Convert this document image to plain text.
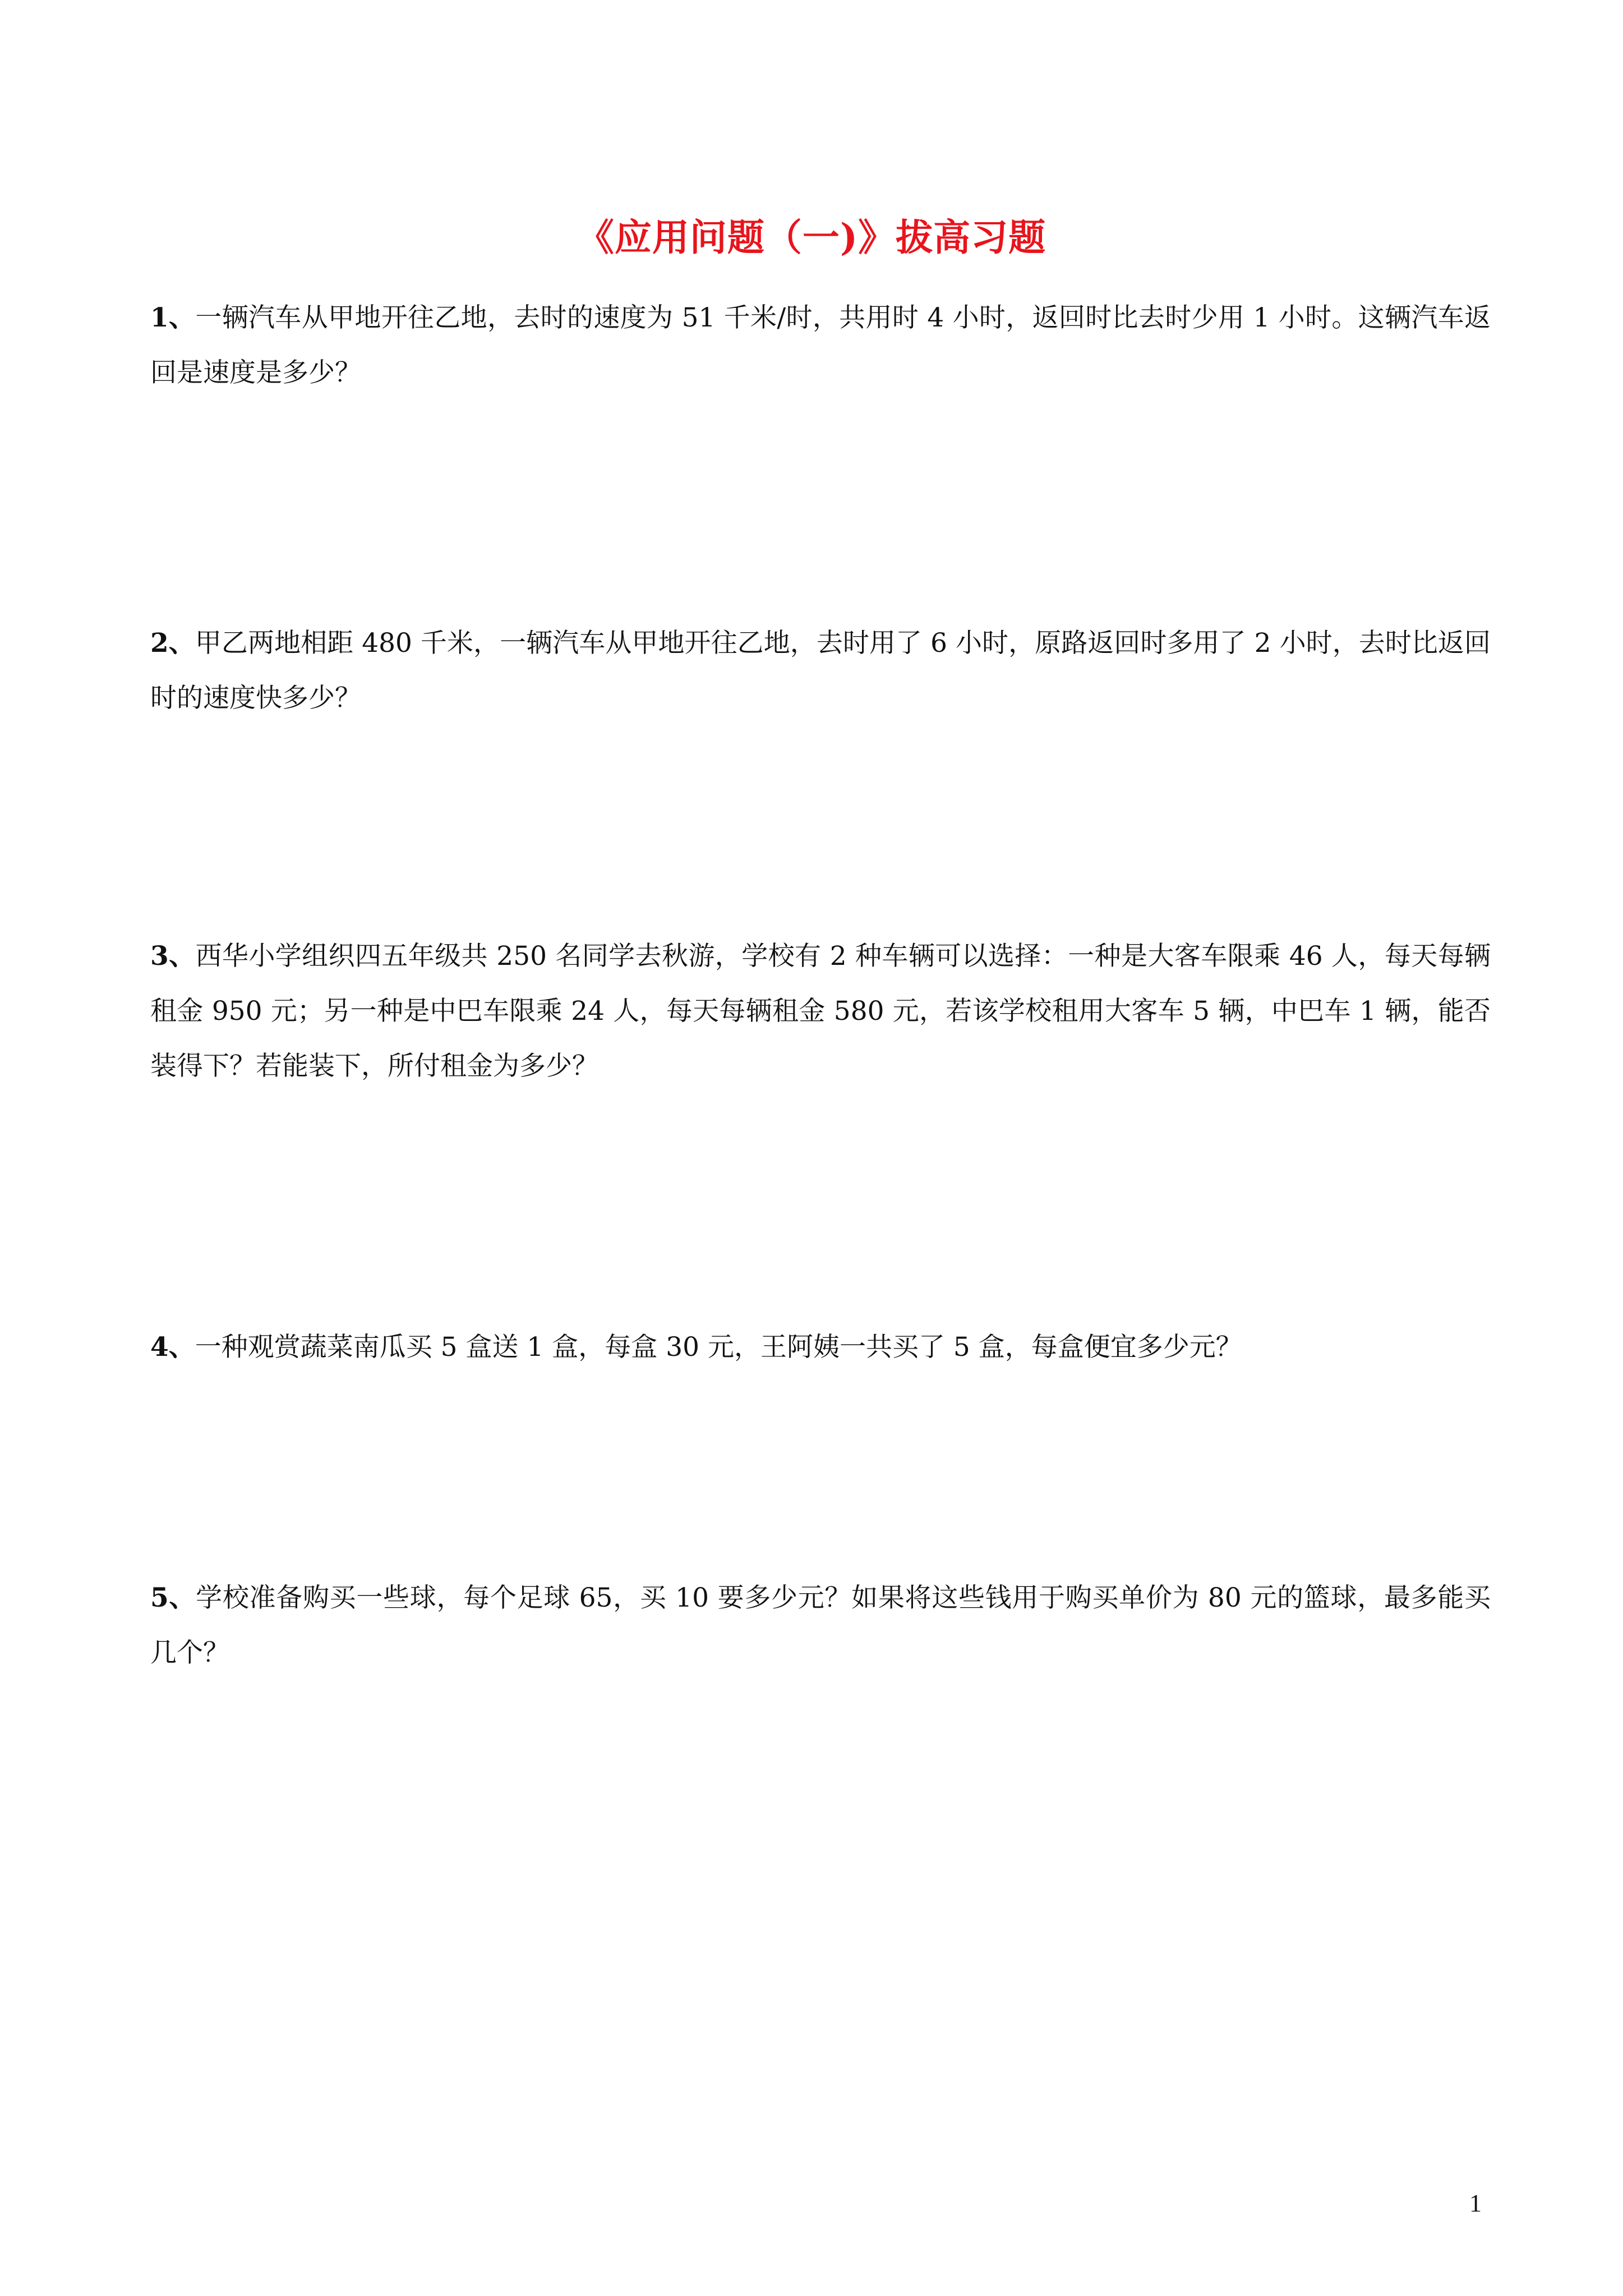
《应用问题（一)》拔高习题

1、一辆汽车从甲地开往乙地，去时的速度为 51 千米/时，共用时 4 小时，返回时比去时少用 1 小时。这辆汽车返回是速度是多少？

2、甲乙两地相距 480 千米，一辆汽车从甲地开往乙地，去时用了 6 小时，原路返回时多用了 2 小时，去时比返回时的速度快多少？

3、西华小学组织四五年级共 250 名同学去秋游，学校有 2 种车辆可以选择：一种是大客车限乘 46 人，每天每辆租金 950 元；另一种是中巴车限乘 24 人，每天每辆租金 580 元，若该学校租用大客车 5 辆，中巴车 1 辆，能否装得下？若能装下，所付租金为多少？

4、一种观赏蔬菜南瓜买 5 盒送 1 盒，每盒 30 元，王阿姨一共买了 5 盒，每盒便宜多少元？

5、学校准备购买一些球，每个足球 65，买 10 要多少元？如果将这些钱用于购买单价为 80 元的篮球，最多能买几个？

1
